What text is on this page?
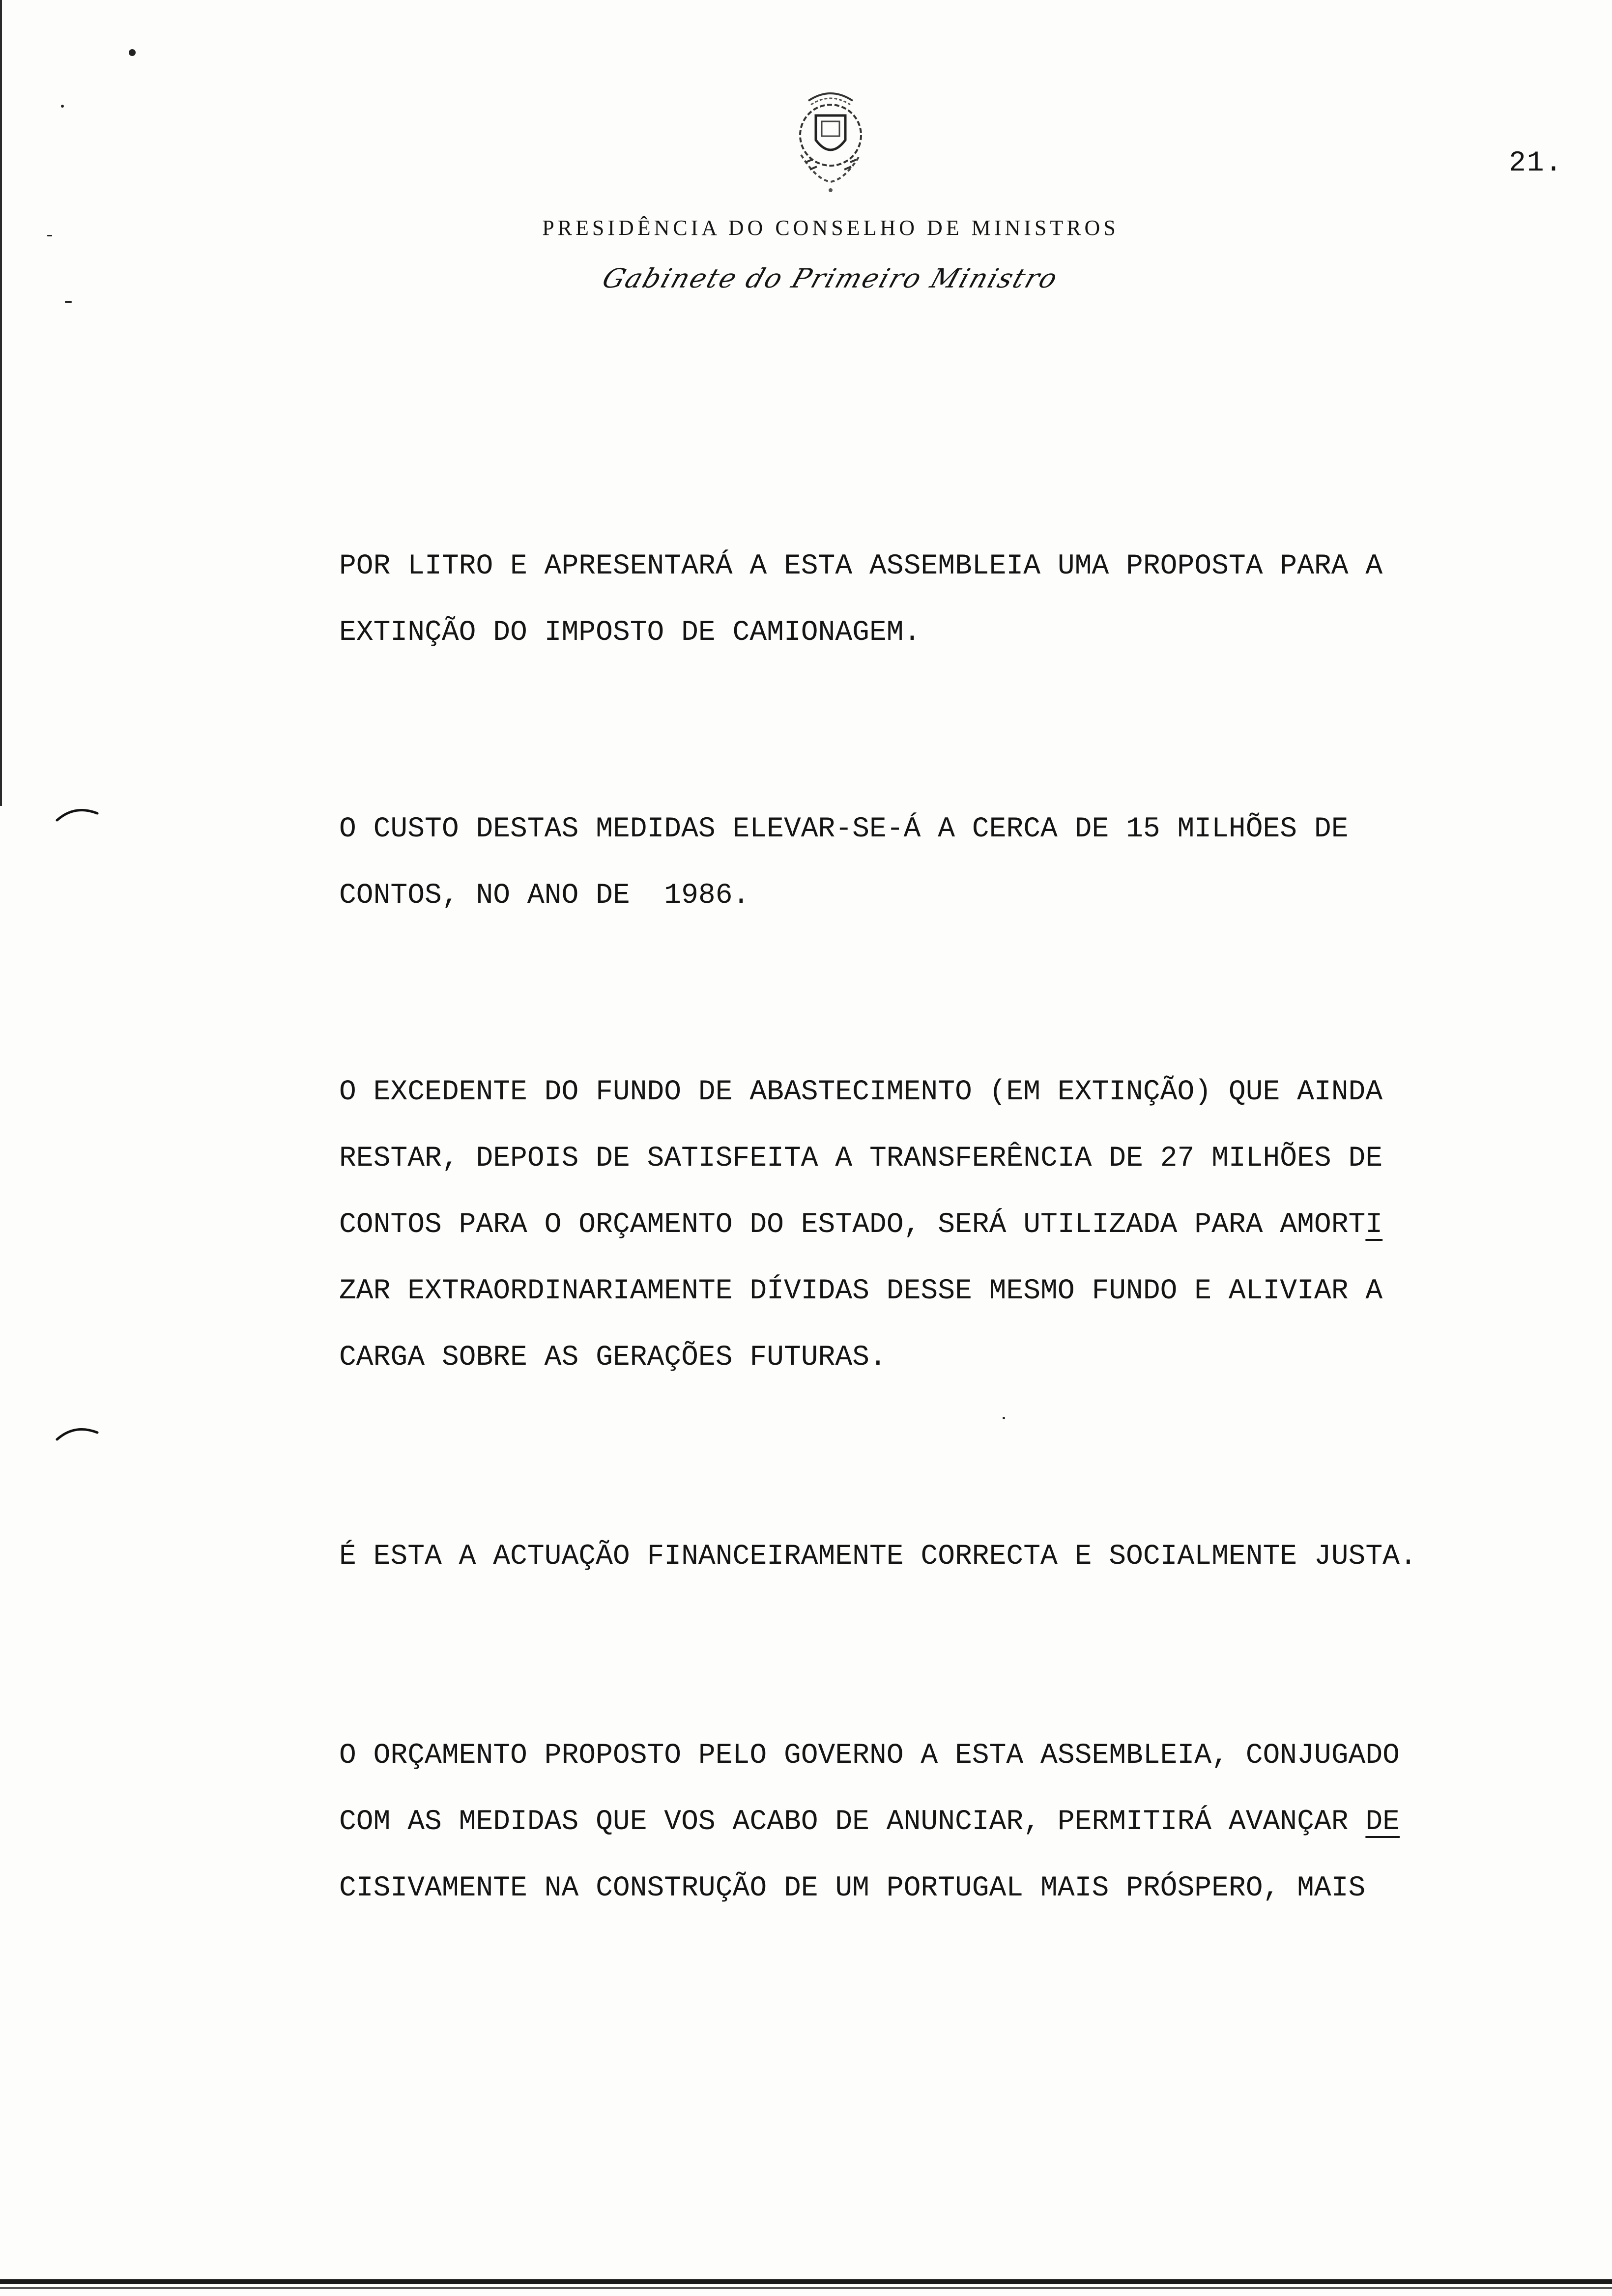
21.
PRESIDÊNCIA DO CONSELHO DE MINISTROS
Gabinete do Primeiro Ministro
POR LITRO E APRESENTARÁ A ESTA ASSEMBLEIA UMA PROPOSTA PARA A
EXTINÇÃO DO IMPOSTO DE CAMIONAGEM.
O CUSTO DESTAS MEDIDAS ELEVAR-SE-Á A CERCA DE 15 MILHÕES DE
CONTOS, NO ANO DE  1986.
O EXCEDENTE DO FUNDO DE ABASTECIMENTO (EM EXTINÇÃO) QUE AINDA
RESTAR, DEPOIS DE SATISFEITA A TRANSFERÊNCIA DE 27 MILHÕES DE
CONTOS PARA O ORÇAMENTO DO ESTADO, SERÁ UTILIZADA PARA AMORTI
ZAR EXTRAORDINARIAMENTE DÍVIDAS DESSE MESMO FUNDO E ALIVIAR A
CARGA SOBRE AS GERAÇÕES FUTURAS.
É ESTA A ACTUAÇÃO FINANCEIRAMENTE CORRECTA E SOCIALMENTE JUSTA.
O ORÇAMENTO PROPOSTO PELO GOVERNO A ESTA ASSEMBLEIA, CONJUGADO
COM AS MEDIDAS QUE VOS ACABO DE ANUNCIAR, PERMITIRÁ AVANÇAR DE
CISIVAMENTE NA CONSTRUÇÃO DE UM PORTUGAL MAIS PRÓSPERO, MAIS
